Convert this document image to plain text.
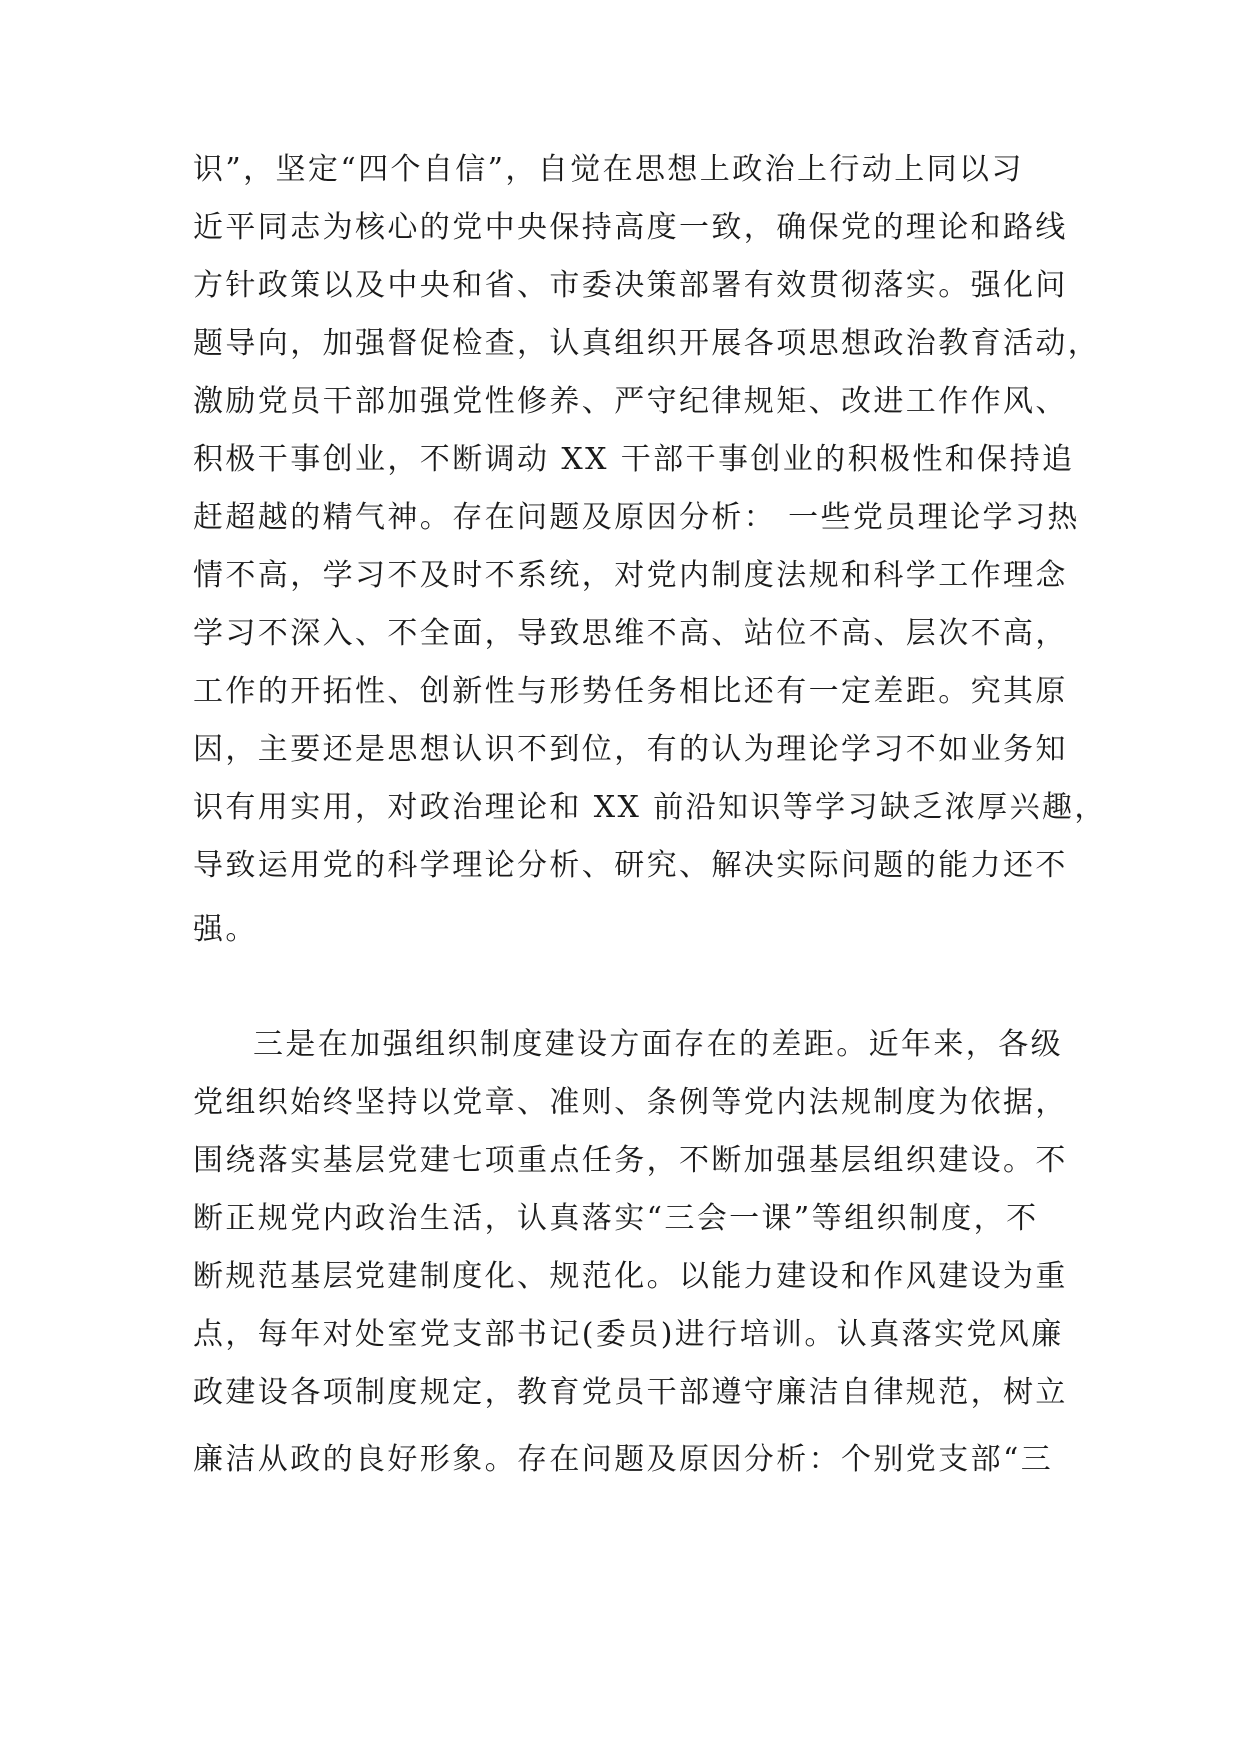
识”，坚定“四个自信”，自觉在思想上政治上行动上同以习
近平同志为核心的党中央保持高度一致，确保党的理论和路线
方针政策以及中央和省、市委决策部署有效贯彻落实。强化问
题导向，加强督促检查，认真组织开展各项思想政治教育活动，
激励党员干部加强党性修养、严守纪律规矩、改进工作作风、
积极干事创业，不断调动 XX 干部干事创业的积极性和保持追
赶超越的精气神。存在问题及原因分析： 一些党员理论学习热
情不高，学习不及时不系统，对党内制度法规和科学工作理念
学习不深入、不全面，导致思维不高、站位不高、层次不高，
工作的开拓性、创新性与形势任务相比还有一定差距。究其原
因，主要还是思想认识不到位，有的认为理论学习不如业务知
识有用实用，对政治理论和 XX 前沿知识等学习缺乏浓厚兴趣，
导致运用党的科学理论分析、研究、解决实际问题的能力还不
强。
三是在加强组织制度建设方面存在的差距。近年来，各级
党组织始终坚持以党章、准则、条例等党内法规制度为依据，
围绕落实基层党建七项重点任务，不断加强基层组织建设。不
断正规党内政治生活，认真落实“三会一课”等组织制度，不
断规范基层党建制度化、规范化。以能力建设和作风建设为重
点，每年对处室党支部书记(委员)进行培训。认真落实党风廉
政建设各项制度规定，教育党员干部遵守廉洁自律规范，树立
廉洁从政的良好形象。存在问题及原因分析：个别党支部“三
